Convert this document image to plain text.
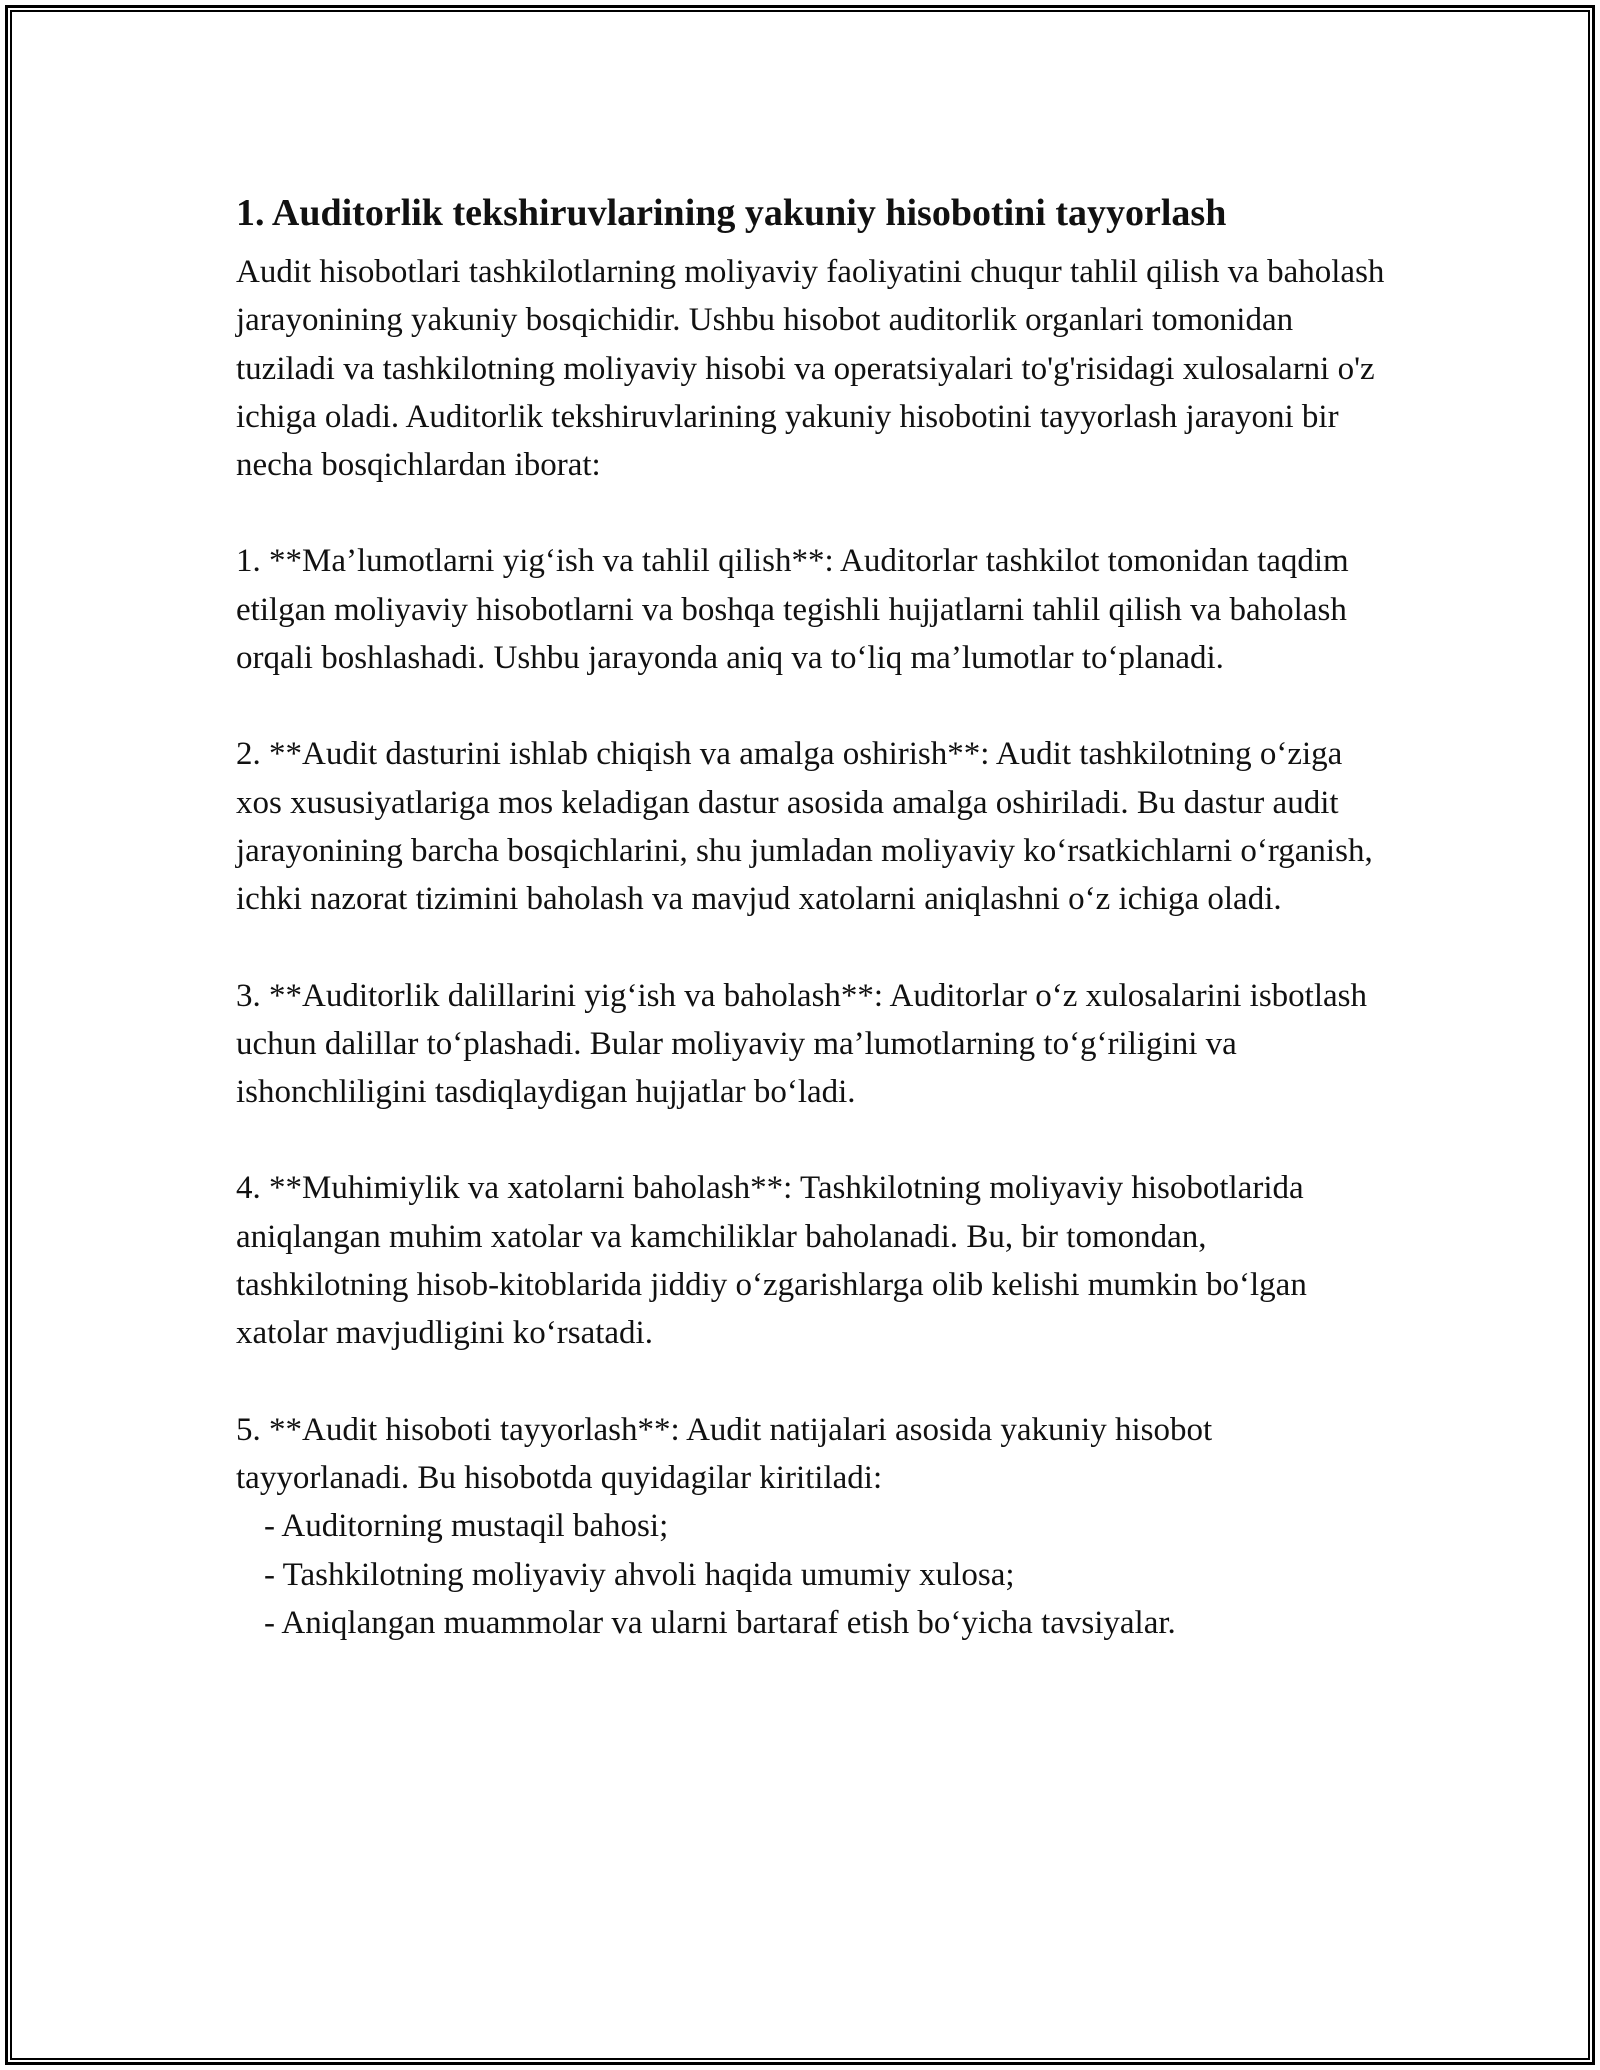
1. Auditorlik tekshiruvlarining yakuniy hisobotini tayyorlash

Audit hisobotlari tashkilotlarning moliyaviy faoliyatini chuqur tahlil qilish va baholash jarayonining yakuniy bosqichidir. Ushbu hisobot auditorlik organlari tomonidan tuziladi va tashkilotning moliyaviy hisobi va operatsiyalari to'g'risidagi xulosalarni o'z ichiga oladi. Auditorlik tekshiruvlarining yakuniy hisobotini tayyorlash jarayoni bir necha bosqichlardan iborat:

1. **Ma’lumotlarni yig‘ish va tahlil qilish**: Auditorlar tashkilot tomonidan taqdim etilgan moliyaviy hisobotlarni va boshqa tegishli hujjatlarni tahlil qilish va baholash orqali boshlashadi. Ushbu jarayonda aniq va to‘liq ma’lumotlar to‘planadi.

2. **Audit dasturini ishlab chiqish va amalga oshirish**: Audit tashkilotning o‘ziga xos xususiyatlariga mos keladigan dastur asosida amalga oshiriladi. Bu dastur audit jarayonining barcha bosqichlarini, shu jumladan moliyaviy ko‘rsatkichlarni o‘rganish, ichki nazorat tizimini baholash va mavjud xatolarni aniqlashni o‘z ichiga oladi.

3. **Auditorlik dalillarini yig‘ish va baholash**: Auditorlar o‘z xulosalarini isbotlash uchun dalillar to‘plashadi. Bular moliyaviy ma’lumotlarning to‘g‘riligini va ishonchliligini tasdiqlaydigan hujjatlar bo‘ladi.

4. **Muhimiylik va xatolarni baholash**: Tashkilotning moliyaviy hisobotlarida aniqlangan muhim xatolar va kamchiliklar baholanadi. Bu, bir tomondan, tashkilotning hisob-kitoblarida jiddiy o‘zgarishlarga olib kelishi mumkin bo‘lgan xatolar mavjudligini ko‘rsatadi.

5. **Audit hisoboti tayyorlash**: Audit natijalari asosida yakuniy hisobot tayyorlanadi. Bu hisobotda quyidagilar kiritiladi:

- Auditorning mustaqil bahosi;
- Tashkilotning moliyaviy ahvoli haqida umumiy xulosa;
- Aniqlangan muammolar va ularni bartaraf etish bo‘yicha tavsiyalar.
